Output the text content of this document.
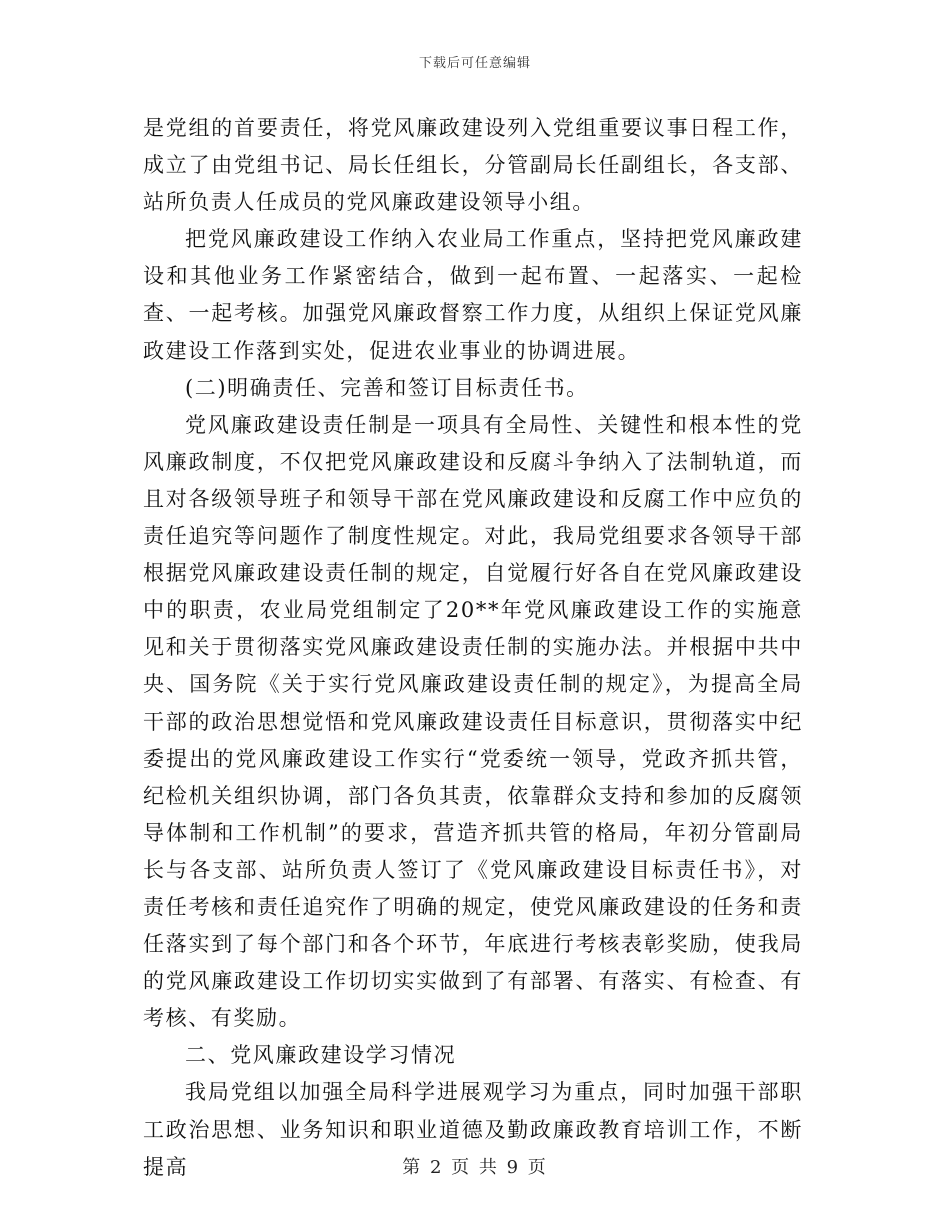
下载后可任意编辑

是党组的首要责任，将党风廉政建设列入党组重要议事日程工作，成立了由党组书记、局长任组长，分管副局长任副组长，各支部、站所负责人任成员的党风廉政建设领导小组。

把党风廉政建设工作纳入农业局工作重点，坚持把党风廉政建设和其他业务工作紧密结合，做到一起布置、一起落实、一起检查、一起考核。加强党风廉政督察工作力度，从组织上保证党风廉政建设工作落到实处，促进农业事业的协调进展。

(二)明确责任、完善和签订目标责任书。

党风廉政建设责任制是一项具有全局性、关键性和根本性的党风廉政制度，不仅把党风廉政建设和反腐斗争纳入了法制轨道，而且对各级领导班子和领导干部在党风廉政建设和反腐工作中应负的责任追究等问题作了制度性规定。对此，我局党组要求各领导干部根据党风廉政建设责任制的规定，自觉履行好各自在党风廉政建设中的职责，农业局党组制定了20**年党风廉政建设工作的实施意见和关于贯彻落实党风廉政建设责任制的实施办法。并根据中共中央、国务院《关于实行党风廉政建设责任制的规定》，为提高全局干部的政治思想觉悟和党风廉政建设责任目标意识，贯彻落实中纪委提出的党风廉政建设工作实行“党委统一领导，党政齐抓共管，纪检机关组织协调，部门各负其责，依靠群众支持和参加的反腐领导体制和工作机制”的要求，营造齐抓共管的格局，年初分管副局长与各支部、站所负责人签订了《党风廉政建设目标责任书》，对责任考核和责任追究作了明确的规定，使党风廉政建设的任务和责任落实到了每个部门和各个环节，年底进行考核表彰奖励，使我局的党风廉政建设工作切切实实做到了有部署、有落实、有检查、有考核、有奖励。

二、党风廉政建设学习情况

我局党组以加强全局科学进展观学习为重点，同时加强干部职工政治思想、业务知识和职业道德及勤政廉政教育培训工作，不断提高	第 2 页 共 9 页
